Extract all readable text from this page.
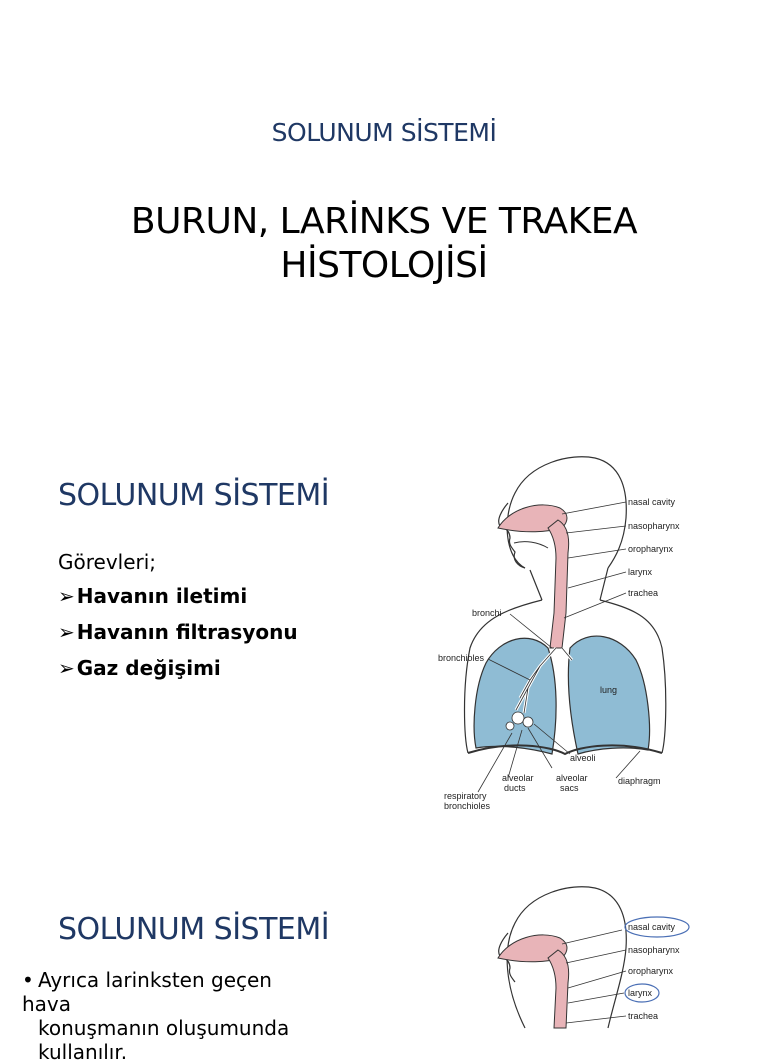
SOLUNUM SİSTEMİ
BURUN, LARİNKS VE TRAKEA
HİSTOLOJİSİ
SOLUNUM SİSTEMİ
Görevleri;
➢ Havanın iletimi
➢ Havanın filtrasyonu
➢ Gaz değişimi
nasal cavity
nasopharynx
oropharynx
larynx
trachea
bronchi
bronchioles
lung
alveoli
alveolar
ducts
alveolar
sacs
diaphragm
respiratory
bronchioles
SOLUNUM SİSTEMİ
• Ayrıca larinksten geçen hava
konuşmanın oluşumunda
kullanılır.
nasal cavity
nasopharynx
oropharynx
larynx
trachea
